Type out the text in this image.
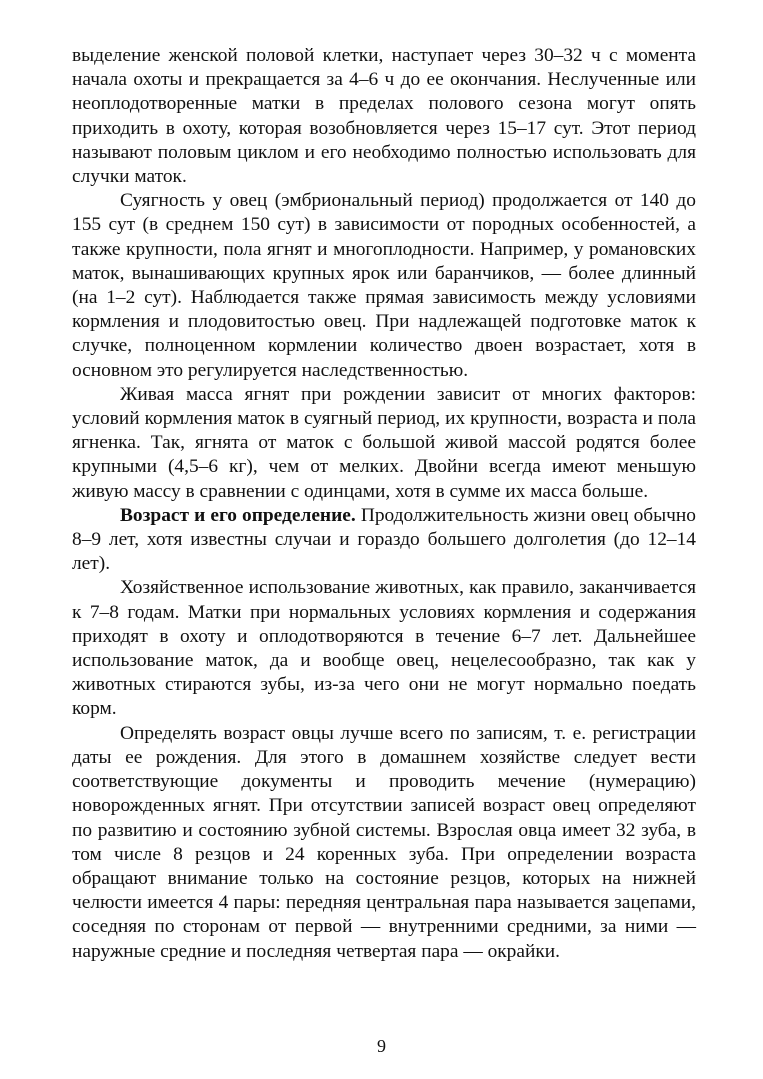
выделение женской половой клетки, наступает через 30–32 ч с момента начала охоты и прекращается за 4–6 ч до ее окончания. Неслученные или неоплодотворенные матки в пределах полового сезона могут опять приходить в охоту, которая возобновляется через 15–17 сут. Этот период называют половым циклом и его необходимо полностью использовать для случки маток.

Суягность у овец (эмбриональный период) продолжается от 140 до 155 сут (в среднем 150 сут) в зависимости от породных особенностей, а также крупности, пола ягнят и многоплодности. Например, у романовских маток, вынашивающих крупных ярок или баранчиков, — более длинный (на 1–2 сут). Наблюдается также прямая зависимость между условиями кормления и плодовитостью овец. При надлежащей подготовке маток к случке, полноценном кормлении количество двоен возрастает, хотя в основном это регулируется наследственностью.

Живая масса ягнят при рождении зависит от многих факторов: условий кормления маток в суягный период, их крупности, возраста и пола ягненка. Так, ягнята от маток с большой живой массой родятся более крупными (4,5–6 кг), чем от мелких. Двойни всегда имеют меньшую живую массу в сравнении с одинцами, хотя в сумме их масса больше.

Возраст и его определение. Продолжительность жизни овец обычно 8–9 лет, хотя известны случаи и гораздо большего долголетия (до 12–14 лет).

Хозяйственное использование животных, как правило, заканчивается к 7–8 годам. Матки при нормальных условиях кормления и содержания приходят в охоту и оплодотворяются в течение 6–7 лет. Дальнейшее использование маток, да и вообще овец, нецелесообразно, так как у животных стираются зубы, из-за чего они не могут нормально поедать корм.

Определять возраст овцы лучше всего по записям, т. е. регистрации даты ее рождения. Для этого в домашнем хозяйстве следует вести соответствующие документы и проводить мечение (нумерацию) новорожденных ягнят. При отсутствии записей возраст овец определяют по развитию и состоянию зубной системы. Взрослая овца имеет 32 зуба, в том числе 8 резцов и 24 коренных зуба. При определении возраста обращают внимание только на состояние резцов, которых на нижней челюсти имеется 4 пары: передняя центральная пара называется зацепами, соседняя по сторонам от первой — внутренними средними, за ними — наружные средние и последняя четвертая пара — окрайки.

9
